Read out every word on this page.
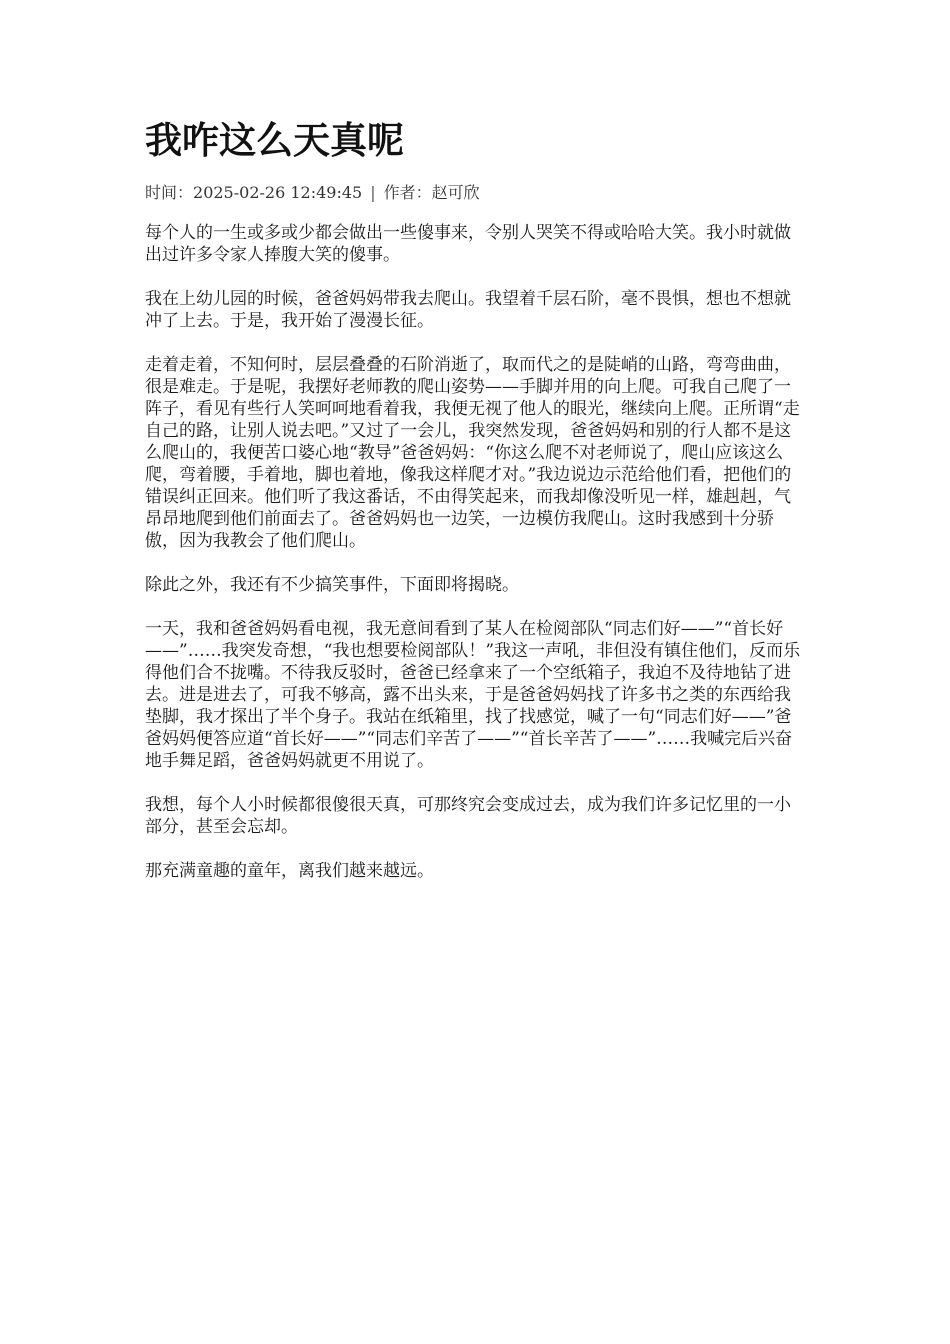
我咋这么天真呢
时间：2025-02-26 12:49:45 | 作者：赵可欣

每个人的一生或多或少都会做出一些傻事来，令别人哭笑不得或哈哈大笑。我小时就做出过许多令家人捧腹大笑的傻事。

我在上幼儿园的时候，爸爸妈妈带我去爬山。我望着千层石阶，毫不畏惧，想也不想就冲了上去。于是，我开始了漫漫长征。

走着走着，不知何时，层层叠叠的石阶消逝了，取而代之的是陡峭的山路，弯弯曲曲，很是难走。于是呢，我摆好老师教的爬山姿势——手脚并用的向上爬。可我自己爬了一阵子，看见有些行人笑呵呵地看着我，我便无视了他人的眼光，继续向上爬。正所谓“走自己的路，让别人说去吧。”又过了一会儿，我突然发现，爸爸妈妈和别的行人都不是这么爬山的，我便苦口婆心地“教导”爸爸妈妈：“你这么爬不对老师说了，爬山应该这么爬，弯着腰，手着地，脚也着地，像我这样爬才对。”我边说边示范给他们看，把他们的错误纠正回来。他们听了我这番话，不由得笑起来，而我却像没听见一样，雄赳赳，气昂昂地爬到他们前面去了。爸爸妈妈也一边笑，一边模仿我爬山。这时我感到十分骄傲，因为我教会了他们爬山。

除此之外，我还有不少搞笑事件，下面即将揭晓。

一天，我和爸爸妈妈看电视，我无意间看到了某人在检阅部队“同志们好——”“首长好——”……我突发奇想，“我也想要检阅部队！”我这一声吼，非但没有镇住他们，反而乐得他们合不拢嘴。不待我反驳时，爸爸已经拿来了一个空纸箱子，我迫不及待地钻了进去。进是进去了，可我不够高，露不出头来，于是爸爸妈妈找了许多书之类的东西给我垫脚，我才探出了半个身子。我站在纸箱里，找了找感觉，喊了一句“同志们好——”爸爸妈妈便答应道“首长好——”“同志们辛苦了——”“首长辛苦了——”……我喊完后兴奋地手舞足蹈，爸爸妈妈就更不用说了。

我想，每个人小时候都很傻很天真，可那终究会变成过去，成为我们许多记忆里的一小部分，甚至会忘却。

那充满童趣的童年，离我们越来越远。
